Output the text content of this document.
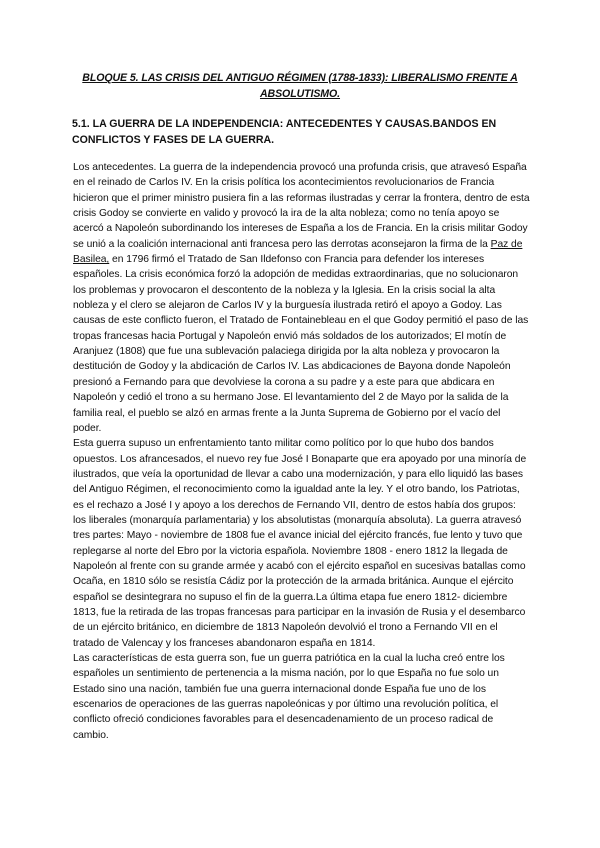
BLOQUE 5. LAS CRISIS DEL ANTIGUO RÉGIMEN (1788-1833): LIBERALISMO FRENTE A ABSOLUTISMO.
5.1. LA GUERRA DE LA INDEPENDENCIA: ANTECEDENTES Y CAUSAS.BANDOS EN CONFLICTOS Y FASES DE LA GUERRA.

Los antecedentes. La guerra de la independencia provocó una profunda crisis, que atravesó España en el reinado de Carlos IV. En la crisis política los acontecimientos revolucionarios de Francia hicieron que el primer ministro pusiera fin a las reformas ilustradas y cerrar la frontera, dentro de esta crisis Godoy se convierte en valido y provocó la ira de la alta nobleza; como no tenía apoyo se acercó a Napoleón subordinando los intereses de España a los de Francia. En la crisis militar Godoy se unió a la coalición internacional anti francesa pero las derrotas aconsejaron la firma de la Paz de Basilea, en 1796 firmó el Tratado de San Ildefonso con Francia para defender los intereses españoles. La crisis económica forzó la adopción de medidas extraordinarias, que no solucionaron los problemas y provocaron el descontento de la nobleza y la Iglesia. En la crisis social la alta nobleza y el clero se alejaron de Carlos IV y la burguesía ilustrada retiró el apoyo a Godoy. Las causas de este conflicto fueron, el Tratado de Fontainebleau en el que Godoy permitió el paso de las tropas francesas hacia Portugal y Napoleón envió más soldados de los autorizados; El motín de Aranjuez (1808) que fue una sublevación palaciega dirigida por la alta nobleza y provocaron la destitución de Godoy y la abdicación de Carlos IV. Las abdicaciones de Bayona donde Napoleón presionó a Fernando para que devolviese la corona a su padre y a este para que abdicara en Napoleón y cedió el trono a su hermano Jose. El levantamiento del 2 de Mayo por la salida de la familia real, el pueblo se alzó en armas frente a la Junta Suprema de Gobierno por el vacío del poder.

Esta guerra supuso un enfrentamiento tanto militar como político por lo que hubo dos bandos opuestos. Los afrancesados, el nuevo rey fue José I Bonaparte que era apoyado por una minoría de ilustrados, que veía la oportunidad de llevar a cabo una modernización, y para ello liquidó las bases del Antiguo Régimen, el reconocimiento como la igualdad ante la ley. Y el otro bando, los Patriotas, es el rechazo a José I y apoyo a los derechos de Fernando VII, dentro de estos había dos grupos: los liberales (monarquía parlamentaria) y los absolutistas (monarquía absoluta). La guerra atravesó tres partes: Mayo - noviembre de 1808 fue el avance inicial del ejército francés, fue lento y tuvo que replegarse al norte del Ebro por la victoria española. Noviembre 1808 - enero 1812 la llegada de Napoleón al frente con su grande armée y acabó con el ejército español en sucesivas batallas como Ocaña, en 1810 sólo se resistía Cádiz por la protección de la armada británica. Aunque el ejército español se desintegrara no supuso el fin de la guerra.La última etapa fue enero 1812- diciembre 1813, fue la retirada de las tropas francesas para participar en la invasión de Rusia y el desembarco de un ejército británico, en diciembre de 1813 Napoleón devolvió el trono a Fernando VII en el tratado de Valencay y los franceses abandonaron españa en 1814.

Las características de esta guerra son, fue un guerra patriótica en la cual la lucha creó entre los españoles un sentimiento de pertenencia a la misma nación, por lo que España no fue solo un Estado sino una nación, también fue una guerra internacional donde España fue uno de los escenarios de operaciones de las guerras napoleónicas y por último una revolución política, el conflicto ofreció condiciones favorables para el desencadenamiento de un proceso radical de cambio.
